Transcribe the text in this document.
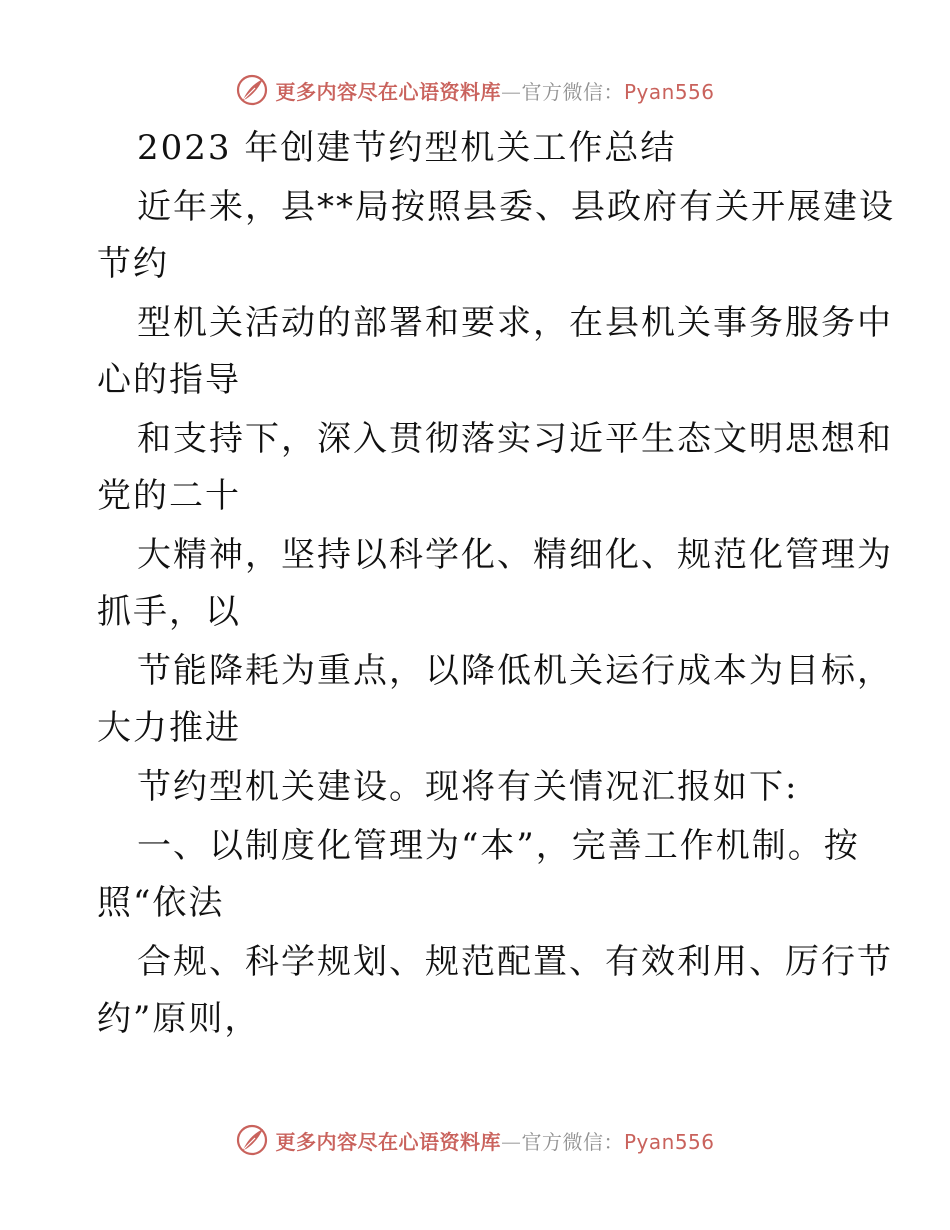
更多内容尽在心语资料库—官方微信：Pyan556
2023 年创建节约型机关工作总结
近年来，县**局按照县委、县政府有关开展建设
节约
型机关活动的部署和要求，在县机关事务服务中
心的指导
和支持下，深入贯彻落实习近平生态文明思想和
党的二十
大精神，坚持以科学化、精细化、规范化管理为
抓手，以
节能降耗为重点，以降低机关运行成本为目标，
大力推进
节约型机关建设。现将有关情况汇报如下:
一、以制度化管理为“本”，完善工作机制。按
照“依法
合规、科学规划、规范配置、有效利用、厉行节
约”原则，
更多内容尽在心语资料库—官方微信：Pyan556
